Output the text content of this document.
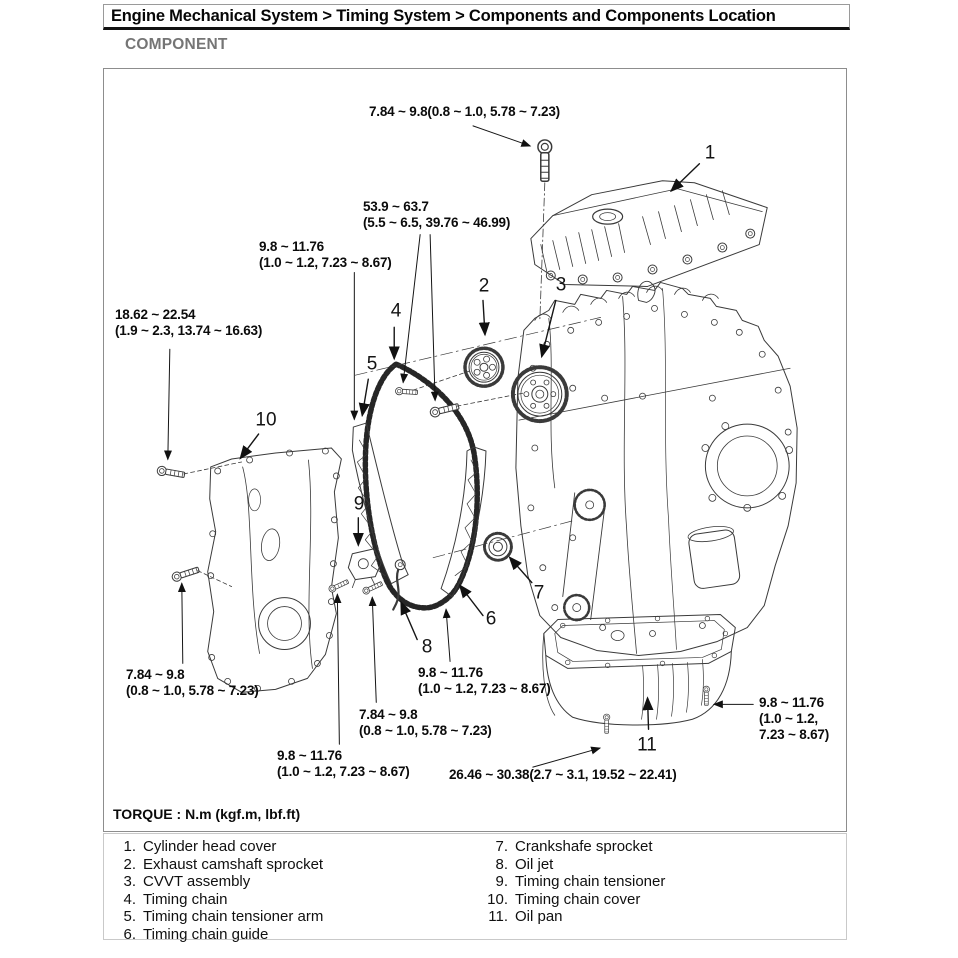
Engine Mechanical System > Timing System > Components and Components Location
COMPONENT
7.84 ~ 9.8(0.8 ~ 1.0, 5.78 ~ 7.23)
53.9 ~ 63.7
(5.5 ~ 6.5, 39.76 ~ 46.99)
9.8 ~ 11.76
(1.0 ~ 1.2, 7.23 ~ 8.67)
18.62 ~ 22.54
(1.9 ~ 2.3, 13.74 ~ 16.63)
7.84 ~ 9.8
(0.8 ~ 1.0, 5.78 ~ 7.23)
9.8 ~ 11.76
(1.0 ~ 1.2, 7.23 ~ 8.67)
7.84 ~ 9.8
(0.8 ~ 1.0, 5.78 ~ 7.23)
9.8 ~ 11.76
(1.0 ~ 1.2, 7.23 ~ 8.67)	26.46 ~ 30.38(2.7 ~ 3.1, 19.52 ~ 22.41)
9.8 ~ 11.76
(1.0 ~ 1.2,
7.23 ~ 8.67)
1
2	3
4
5
6
7
8
9
10
11
TORQUE : N.m (kgf.m, lbf.ft)
1. Cylinder head cover
2. Exhaust camshaft sprocket
3. CVVT assembly
4. Timing chain
5. Timing chain tensioner arm
6. Timing chain guide
7. Crankshafe sprocket
8. Oil jet
9. Timing chain tensioner
10. Timing chain cover
11. Oil pan
